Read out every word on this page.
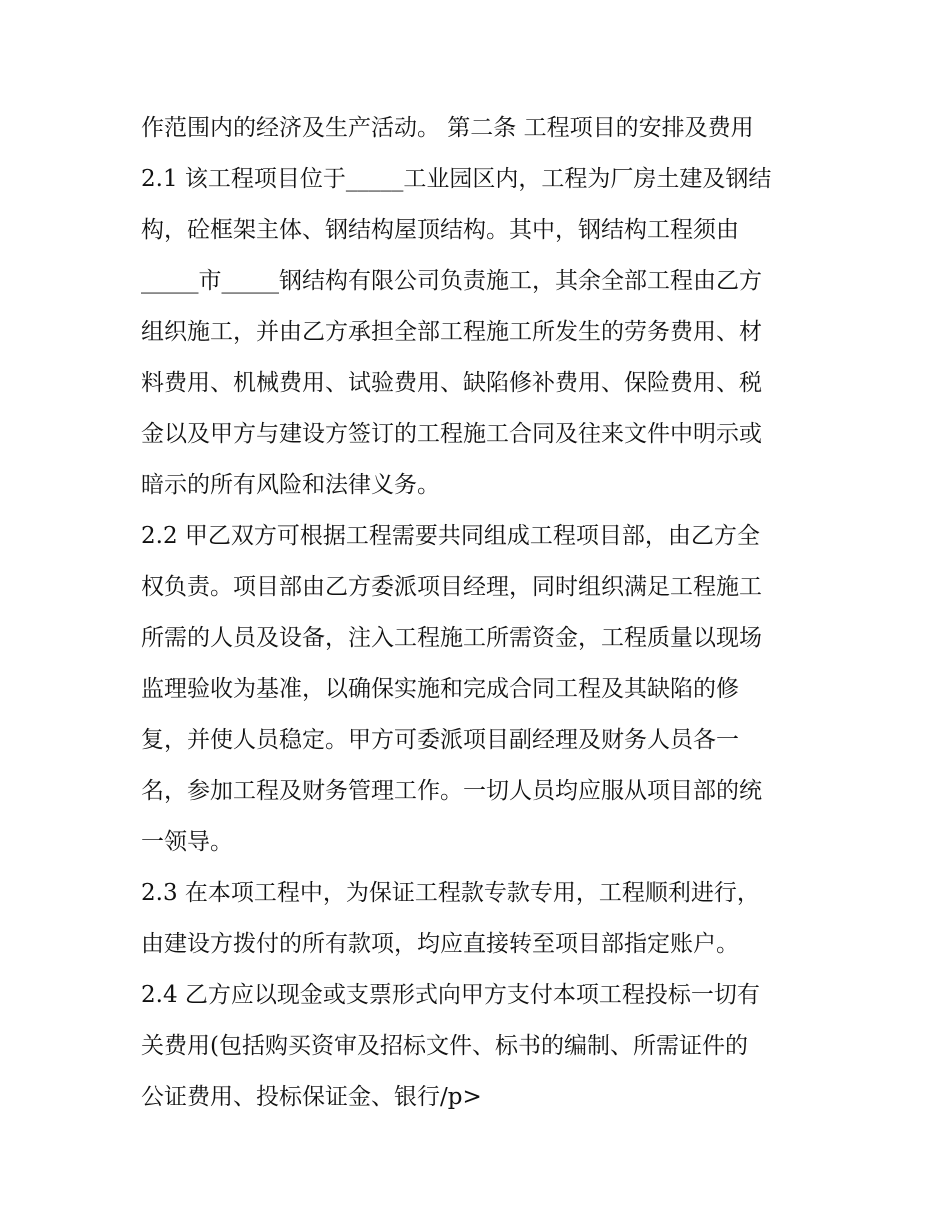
作范围内的经济及生产活动。 第二条 工程项目的安排及费用
2.1 该工程项目位于_____工业园区内，工程为厂房土建及钢结
构，砼框架主体、钢结构屋顶结构。其中，钢结构工程须由
_____市_____钢结构有限公司负责施工，其余全部工程由乙方
组织施工，并由乙方承担全部工程施工所发生的劳务费用、材
料费用、机械费用、试验费用、缺陷修补费用、保险费用、税
金以及甲方与建设方签订的工程施工合同及往来文件中明示或
暗示的所有风险和法律义务。
2.2 甲乙双方可根据工程需要共同组成工程项目部，由乙方全
权负责。项目部由乙方委派项目经理，同时组织满足工程施工
所需的人员及设备，注入工程施工所需资金，工程质量以现场
监理验收为基准，以确保实施和完成合同工程及其缺陷的修
复，并使人员稳定。甲方可委派项目副经理及财务人员各一
名，参加工程及财务管理工作。一切人员均应服从项目部的统
一领导。
2.3 在本项工程中，为保证工程款专款专用，工程顺利进行，
由建设方拨付的所有款项，均应直接转至项目部指定账户。
2.4 乙方应以现金或支票形式向甲方支付本项工程投标一切有
关费用(包括购买资审及招标文件、标书的编制、所需证件的
公证费用、投标保证金、银行/p>
